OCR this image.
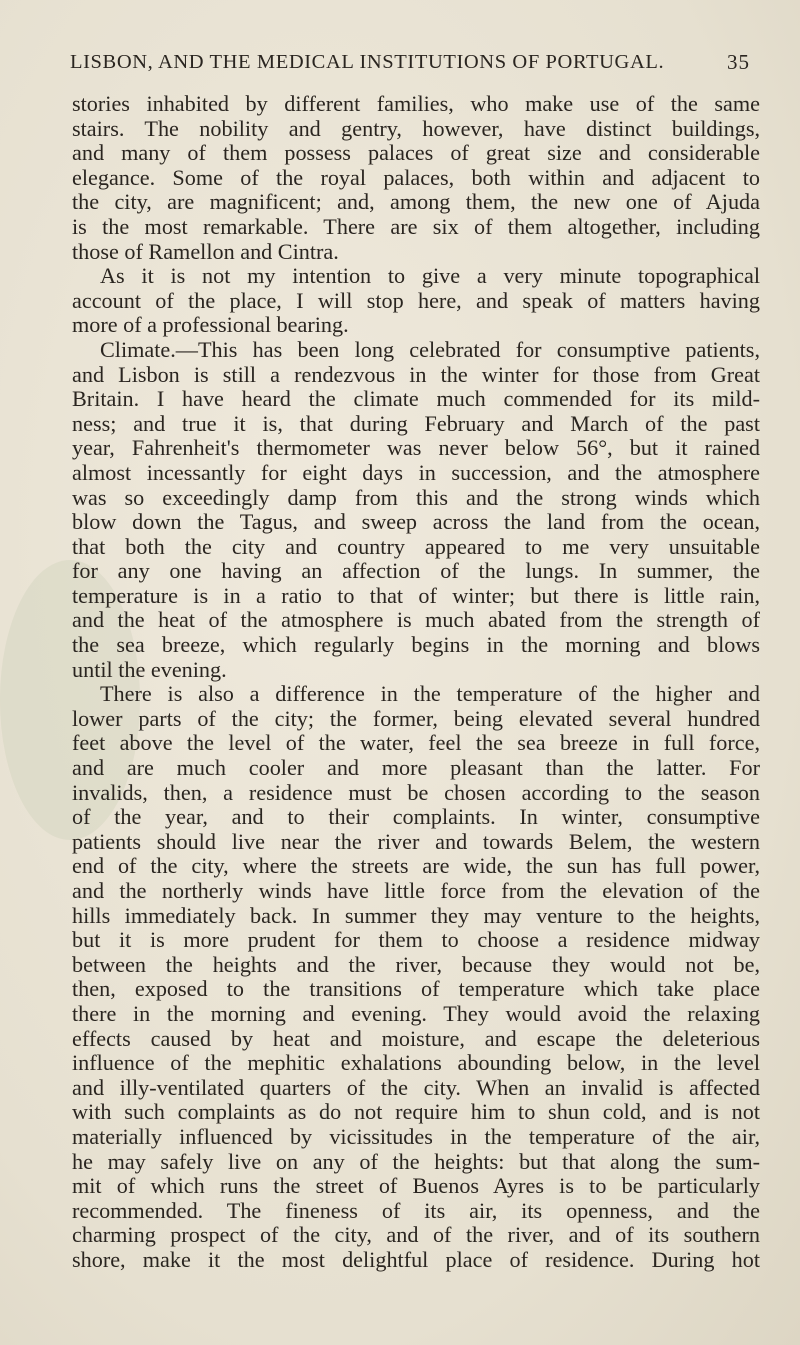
LISBON, AND THE MEDICAL INSTITUTIONS OF PORTUGAL.	35
stories inhabited by different families, who make use of the same
stairs. The nobility and gentry, however, have distinct buildings,
and many of them possess palaces of great size and considerable
elegance. Some of the royal palaces, both within and adjacent to
the city, are magnificent; and, among them, the new one of Ajuda
is the most remarkable. There are six of them altogether, including
those of Ramellon and Cintra.
As it is not my intention to give a very minute topographical
account of the place, I will stop here, and speak of matters having
more of a professional bearing.
Climate.—This has been long celebrated for consumptive patients,
and Lisbon is still a rendezvous in the winter for those from Great
Britain. I have heard the climate much commended for its mild-
ness; and true it is, that during February and March of the past
year, Fahrenheit's thermometer was never below 56°, but it rained
almost incessantly for eight days in succession, and the atmosphere
was so exceedingly damp from this and the strong winds which
blow down the Tagus, and sweep across the land from the ocean,
that both the city and country appeared to me very unsuitable
for any one having an affection of the lungs. In summer, the
temperature is in a ratio to that of winter; but there is little rain,
and the heat of the atmosphere is much abated from the strength of
the sea breeze, which regularly begins in the morning and blows
until the evening.
There is also a difference in the temperature of the higher and
lower parts of the city; the former, being elevated several hundred
feet above the level of the water, feel the sea breeze in full force,
and are much cooler and more pleasant than the latter. For
invalids, then, a residence must be chosen according to the season
of the year, and to their complaints. In winter, consumptive
patients should live near the river and towards Belem, the western
end of the city, where the streets are wide, the sun has full power,
and the northerly winds have little force from the elevation of the
hills immediately back. In summer they may venture to the heights,
but it is more prudent for them to choose a residence midway
between the heights and the river, because they would not be,
then, exposed to the transitions of temperature which take place
there in the morning and evening. They would avoid the relaxing
effects caused by heat and moisture, and escape the deleterious
influence of the mephitic exhalations abounding below, in the level
and illy-ventilated quarters of the city. When an invalid is affected
with such complaints as do not require him to shun cold, and is not
materially influenced by vicissitudes in the temperature of the air,
he may safely live on any of the heights: but that along the sum-
mit of which runs the street of Buenos Ayres is to be particularly
recommended. The fineness of its air, its openness, and the
charming prospect of the city, and of the river, and of its southern
shore, make it the most delightful place of residence. During hot
